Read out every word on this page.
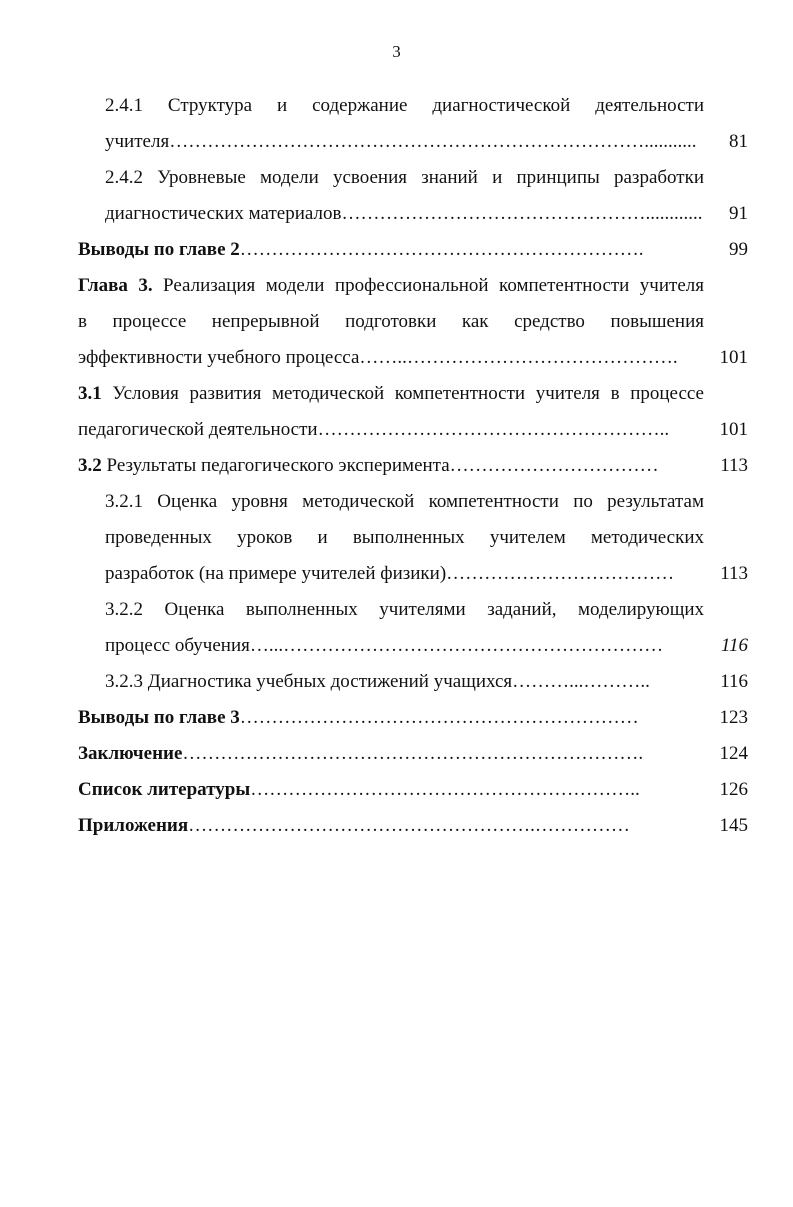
3
2.4.1 Структура и содержание диагностической деятельности
учителя…………………………………………………………………...........	81
2.4.2 Уровневые модели усвоения знаний и принципы разработки
диагностических материалов…………………………………………............	91
Выводы по главе 2……………………………………………………….	99
Глава 3. Реализация модели профессиональной компетентности учителя
в процессе непрерывной подготовки как средство повышения
эффективности учебного процесса……..…………………………………….	101
3.1 Условия развития методической компетентности учителя в процессе
педагогической деятельности………………………………………………..	101
3.2 Результаты педагогического эксперимента……………………………	113
3.2.1 Оценка уровня методической компетентности по результатам
проведенных уроков и выполненных учителем методических
разработок (на примере учителей физики)………………………………	113
3.2.2 Оценка выполненных учителями заданий, моделирующих
процесс обучения…...……………………………………………………	116
3.2.3 Диагностика учебных достижений учащихся………...………..	116
Выводы по главе 3………………………………………………………	123
Заключение……………………………………………………………….	124
Список литературы……………………………………………………..	126
Приложения……………………………………………….……………	145
